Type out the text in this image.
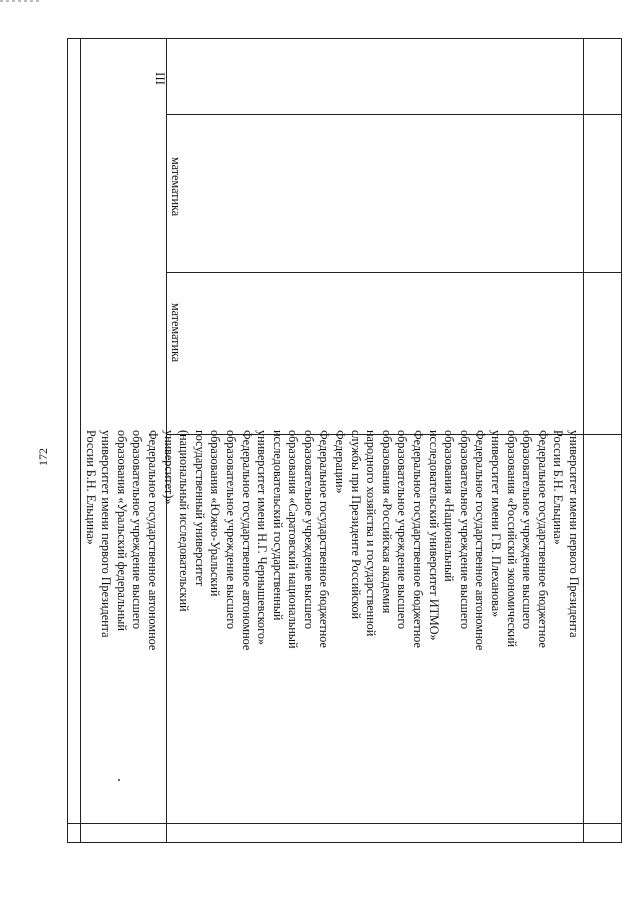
172
III
математика
математика
университет имени первого Президента
России Б.Н. Ельцина»
Федеральное государственное бюджетное
образовательное учреждение высшего
образования «Российский экономический
университет имени Г.В. Плеханова»
Федеральное государственное автономное
образовательное учреждение высшего
образования «Национальный
исследовательский университет ИТМО»
Федеральное государственное бюджетное
образовательное учреждение высшего
образования «Российская академия
народного хозяйства и государственной
службы при Президенте Российской
Федерации»
Федеральное государственное бюджетное
образовательное учреждение высшего
образования «Саратовский национальный
исследовательский государственный
университет имени Н.Г. Чернышевского»
Федеральное государственное автономное
образовательное учреждение высшего
образования «Южно-Уральский
государственный университет
(национальный исследовательский
университет)»
Федеральное государственное автономное
образовательное учреждение высшего
образования «Уральский федеральный
университет имени первого Президента
России Б.Н. Ельцина»
